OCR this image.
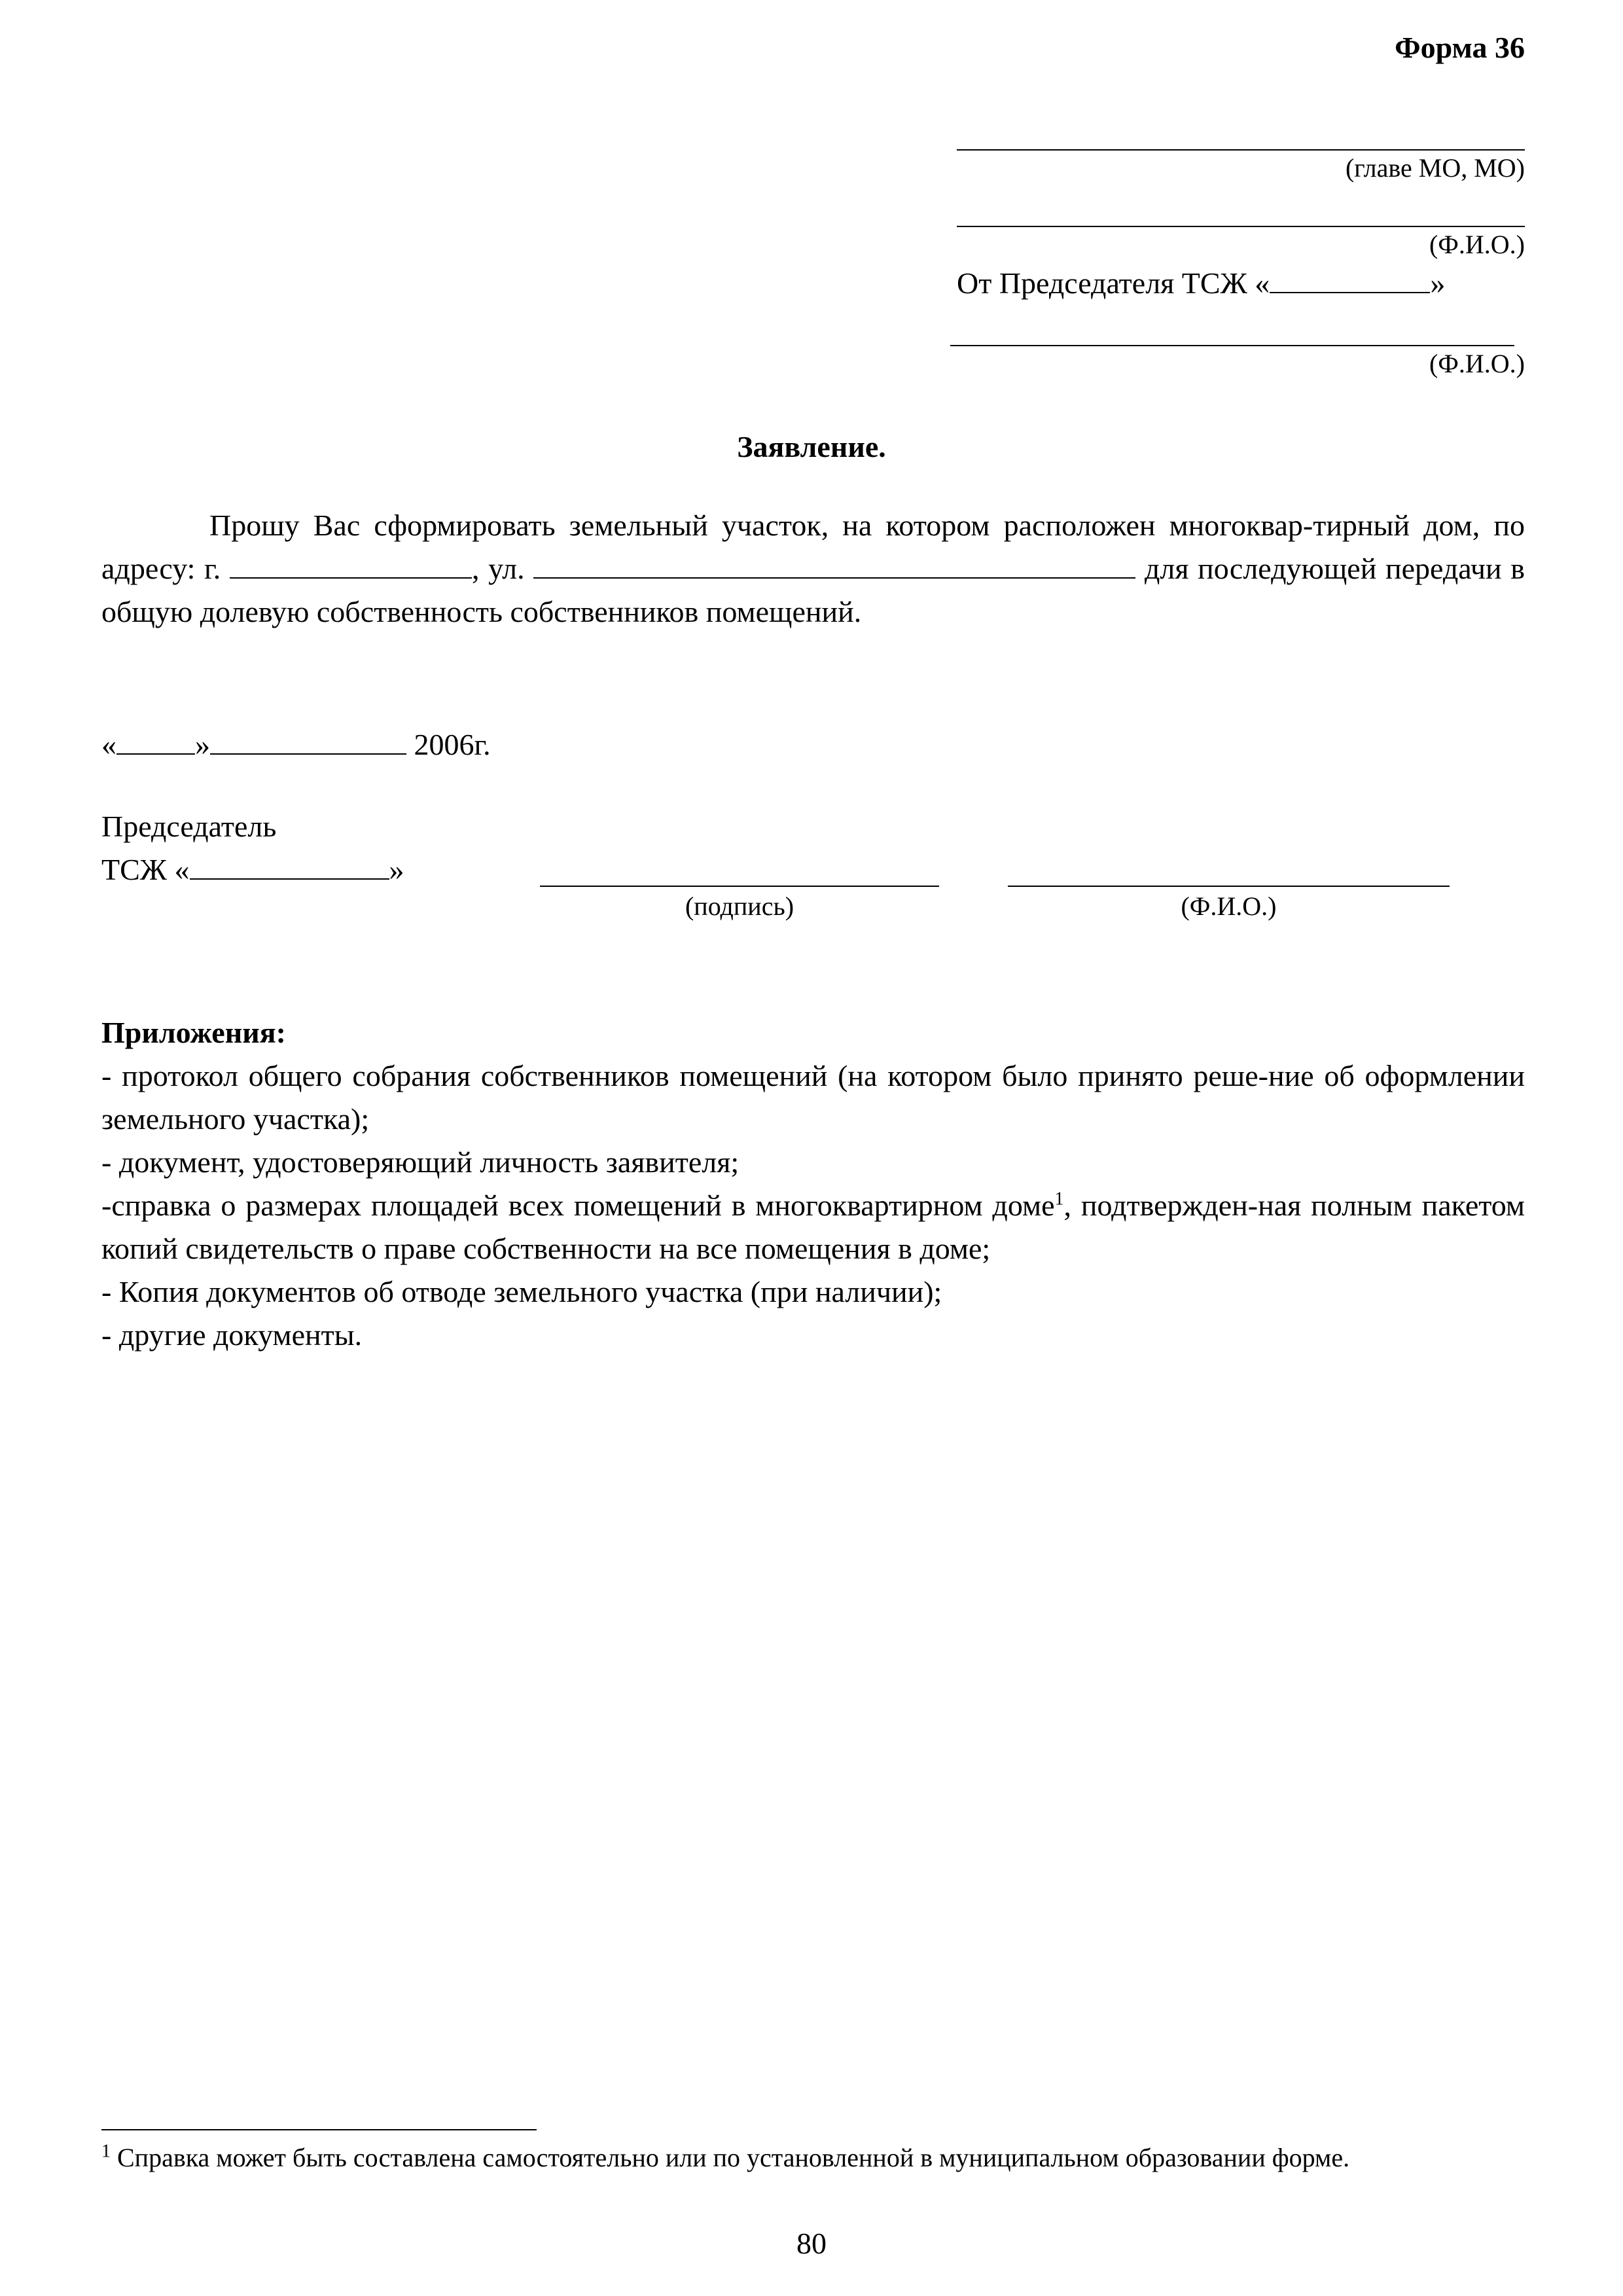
Форма 36
(главе МО, МО)
(Ф.И.О.)
От Председателя ТСЖ «	»
(Ф.И.О.)
Заявление.
Прошу Вас сформировать земельный участок, на котором расположен многоквар-тирный дом, по адресу: г.	, ул.	для последующей передачи в общую долевую собственность собственников помещений.
«	»	2006г.
Председатель
ТСЖ «	»
(подпись)	(Ф.И.О.)
Приложения:
- протокол общего собрания собственников помещений (на котором было принято реше-ние об оформлении земельного участка);
- документ, удостоверяющий личность заявителя;
-справка о размерах площадей всех помещений в многоквартирном доме$^1$, подтвержден-ная полным пакетом копий свидетельств о праве собственности на все помещения в доме;
- Копия документов об отводе земельного участка (при наличии);
- другие документы.
$^1$ Справка может быть составлена самостоятельно или по установленной в муниципальном образовании форме.
80
